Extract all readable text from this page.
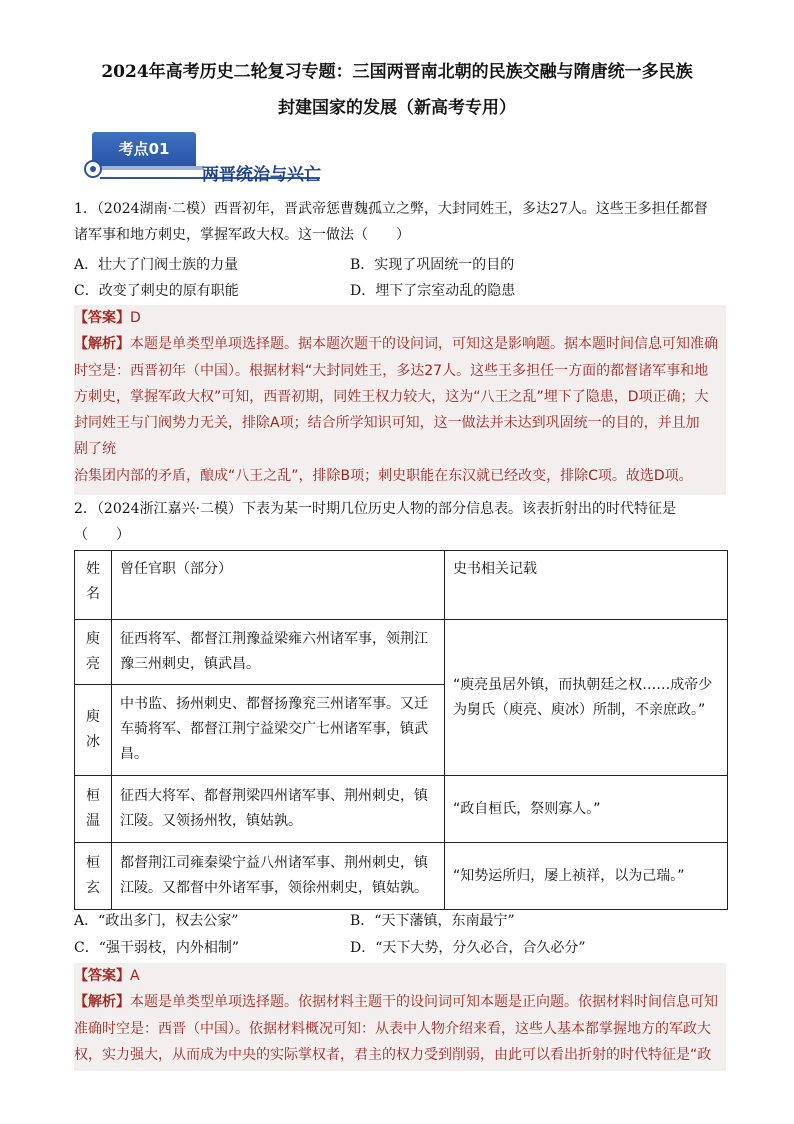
2024年高考历史二轮复习专题：三国两晋南北朝的民族交融与隋唐统一多民族
封建国家的发展（新高考专用）
考点01
两晋统治与兴亡
1．（2024湖南·二模）西晋初年，晋武帝惩曹魏孤立之弊，大封同姓王，多达27人。这些王多担任都督
诸军事和地方刺史，掌握军政大权。这一做法（　　）
A．壮大了门阀士族的力量	B．实现了巩固统一的目的
C．改变了刺史的原有职能	D．埋下了宗室动乱的隐患
【答案】D
【解析】本题是单类型单项选择题。据本题次题干的设问词，可知这是影响题。据本题时间信息可知准确
时空是：西晋初年（中国）。根据材料“大封同姓王，多达27人。这些王多担任一方面的都督诸军事和地
方刺史，掌握军政大权”可知，西晋初期，同姓王权力较大，这为“八王之乱”埋下了隐患，D项正确；大
封同姓王与门阀势力无关，排除A项；结合所学知识可知，这一做法并未达到巩固统一的目的，并且加
剧了统
治集团内部的矛盾，酿成“八王之乱”，排除B项；刺史职能在东汉就已经改变，排除C项。故选D项。
2．（2024浙江嘉兴·二模）下表为某一时期几位历史人物的部分信息表。该表折射出的时代特征是
（　　）
姓名	曾任官职（部分）	史书相关记载
庾亮	征西将军、都督江荆豫益梁雍六州诸军事，领荆江豫三州刺史，镇武昌。	“庾亮虽居外镇，而执朝廷之权……成帝少为舅氏（庾亮、庾冰）所制，不亲庶政。”
庾冰	中书监、扬州刺史、都督扬豫兖三州诸军事。又迁车骑将军、都督江荆宁益梁交广七州诸军事，镇武昌。	
桓温	征西大将军、都督荆梁四州诸军事、荆州刺史，镇江陵。又领扬州牧，镇姑孰。	“政自桓氏，祭则寡人。”
桓玄	都督荆江司雍秦梁宁益八州诸军事、荆州刺史，镇江陵。又都督中外诸军事，领徐州刺史，镇姑孰。	“知势运所归，屡上祯祥，以为己瑞。”
A．“政出多门，权去公家”	B．“天下藩镇，东南最宁”
C．“强干弱枝，内外相制”	D．“天下大势，分久必合，合久必分”
【答案】A
【解析】本题是单类型单项选择题。依据材料主题干的设问词可知本题是正向题。依据材料时间信息可知
准确时空是：西晋（中国）。依据材料概况可知：从表中人物介绍来看，这些人基本都掌握地方的军政大
权，实力强大，从而成为中央的实际掌权者，君主的权力受到削弱，由此可以看出折射的时代特征是“政
